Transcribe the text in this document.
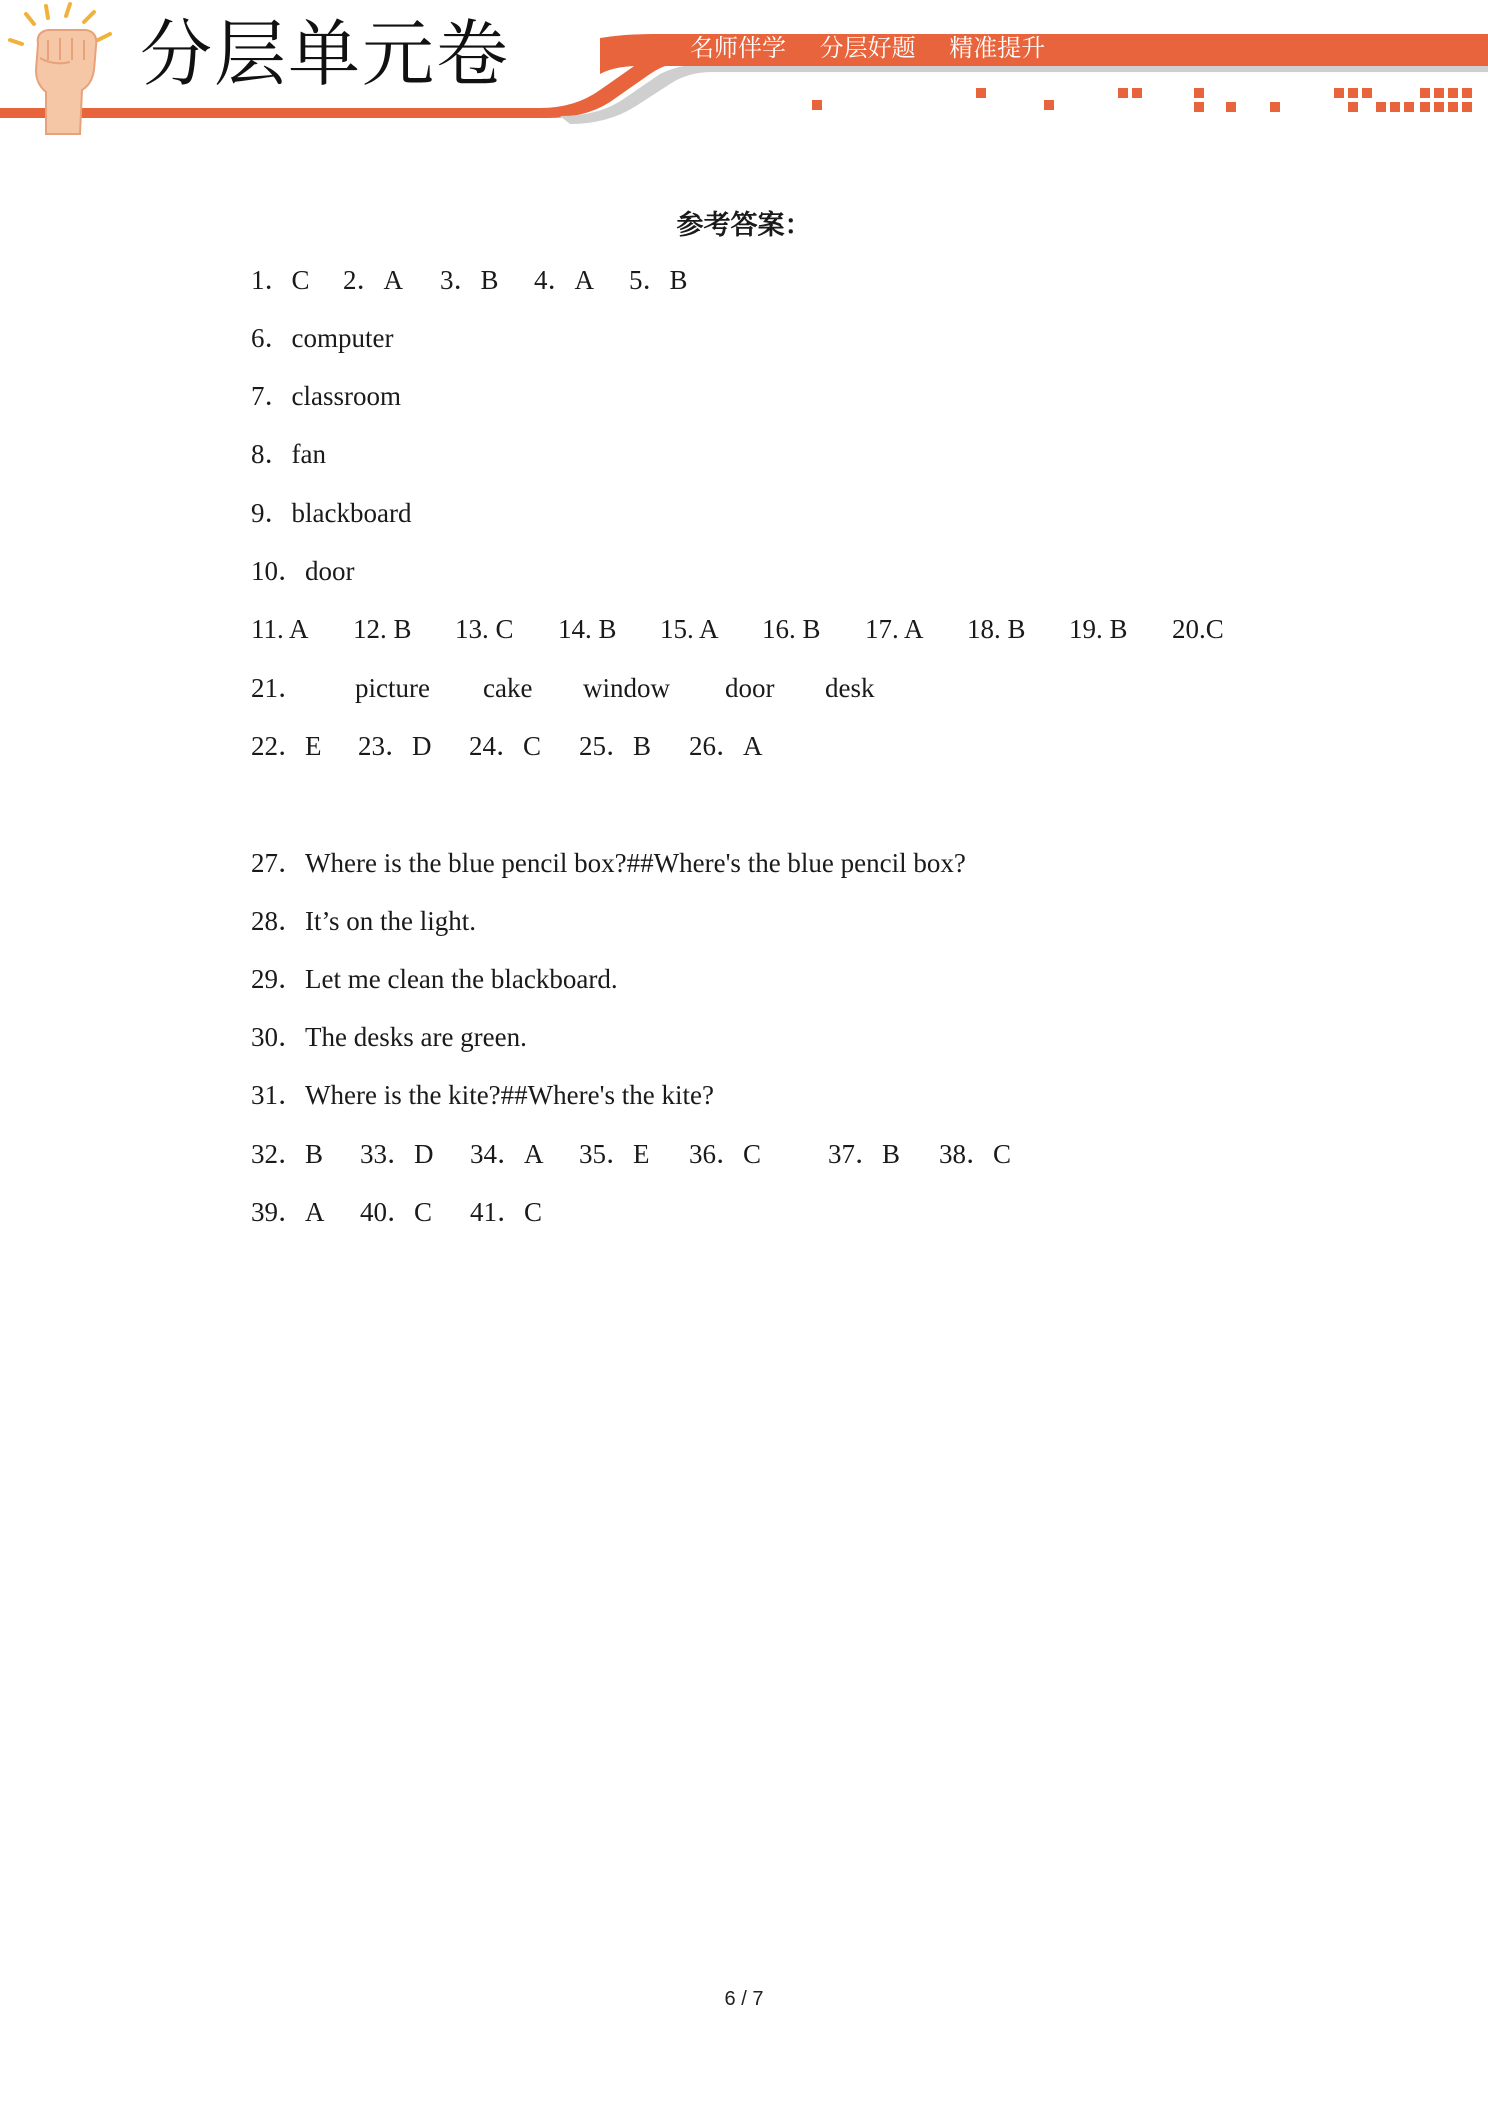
分层单元卷	名师伴学 分层好题 精准提升
参考答案：
1．C 2．A 3．B 4．A 5．B
6．computer
7．classroom
8．fan
9．blackboard
10．door
11. A 12. B 13. C 14. B 15. A 16. B 17. A 18. B 19. B 20.C
21． picture cake window door desk
22．E 23．D 24．C 25．B 26．A
27．Where is the blue pencil box?##Where's the blue pencil box?
28．It’s on the light.
29．Let me clean the blackboard.
30．The desks are green.
31．Where is the kite?##Where's the kite?
32．B 33．D 34．A 35．E 36．C 37．B 38．C
39．A 40．C 41．C
6 / 7
